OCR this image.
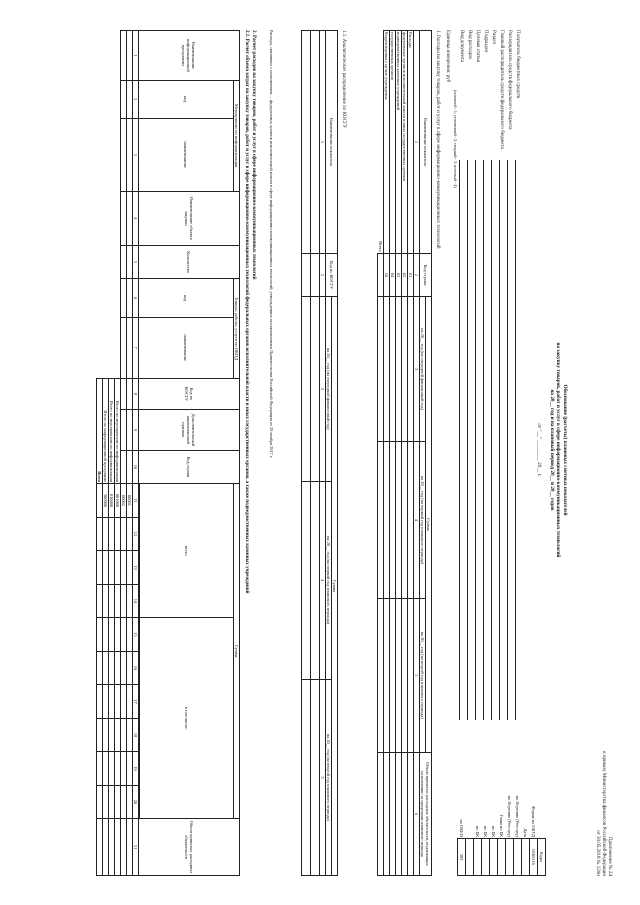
Приложение № 24
к приказу Министерства финансов Российской Федерации
от 30.05.2018 № 120н
Обоснование (расчеты) плановых сметных показателей
на закупку товаров, работ и услуг в сфере информационно-коммуникационных технологий
на 20__ год и на плановый период 20__ и 20__ годов
от "__" ________ 20__ г.
	Коды
Форма по ОКУД	0505516
Дата	
по Перечню (Реестру)	
по Перечню (Реестру)	
Глава по БК	
по БК	
по БК	
по БК	

по ОКЕИ	383
Получатель бюджетных средств
Распорядитель средств федерального бюджета
Главный распорядитель средств федерального бюджета
Раздел
Подраздел
Целевая статья
Вид расходов
Вид документа
(основной - 1; уточненный - 2; сводный - 3; итоговый - 4)
Единица измерения: руб
1. Расходы на закупку товаров, работ и услуг в сфере информационно-коммуникационных технологий
Наименование показателя	Код строки	Сумма			Объем принятых расходных обязательств, подлежащих исполнению за пределами планового периода
		на 20__ год (на очередной финансовый год)	на 20__ год (на первый год планового периода)	на 20__ год (на второй год планового периода)	
1	2	3	4	5	6
Расходы	01				
федеральных органов исполнительной власти и иных государственных органов	02				
подведомственных казенных учреждений	03				
государственных органов	04				
Корректировка с целью учреждения	10				
Всего					
1.1. Аналитическое распределение по КОСГУ
Наименование показателя	Код по КОСГУ	Сумма		
		на 20__ год (на очередной финансовый год)	на 20__ год (на первый год планового периода)	на 20__ год (на второй год планового периода)
1	2	3	4	5

Расходы, связанные с исполнением ... федеральных органов исполнительной власти в сфере информационно-коммуникационных технологий, утвержденные постановлением Правительства Российской Федерации от 29 ноября 2017 г.
2. Расчет расходов на закупку товаров, работ и услуг в сфере информационно-коммуникационных технологий
2.1. Расчет объема затрат на закупку товаров, работ и услуг в сфере информационно-коммуникационных технологий федеральных органов исполнительной власти и иных государственных органов, а также подведомственных казенных учреждений
Наименование информационной программы	Мероприятие по информатизации		Наименование объекта закупки	Количество	Товары, работы, услуги по ОКПД		Код по КОСГУ	Дополнительный аналитический признак	Код строки	Сумма										Объем принятых расходных обязательств
	код	наименование			код	наименование				всего				в том числе:						

1	2	3	4	5	6	7	8	9	10	11	12	13	14	15	16	17	18	19	20	21
										00001										
										00002										
							Итого по мероприятию по информатизации			001000										
							Итого по мероприятию по информатизации			010000										
							Итого по информационной программе			300000										
							Всего													
